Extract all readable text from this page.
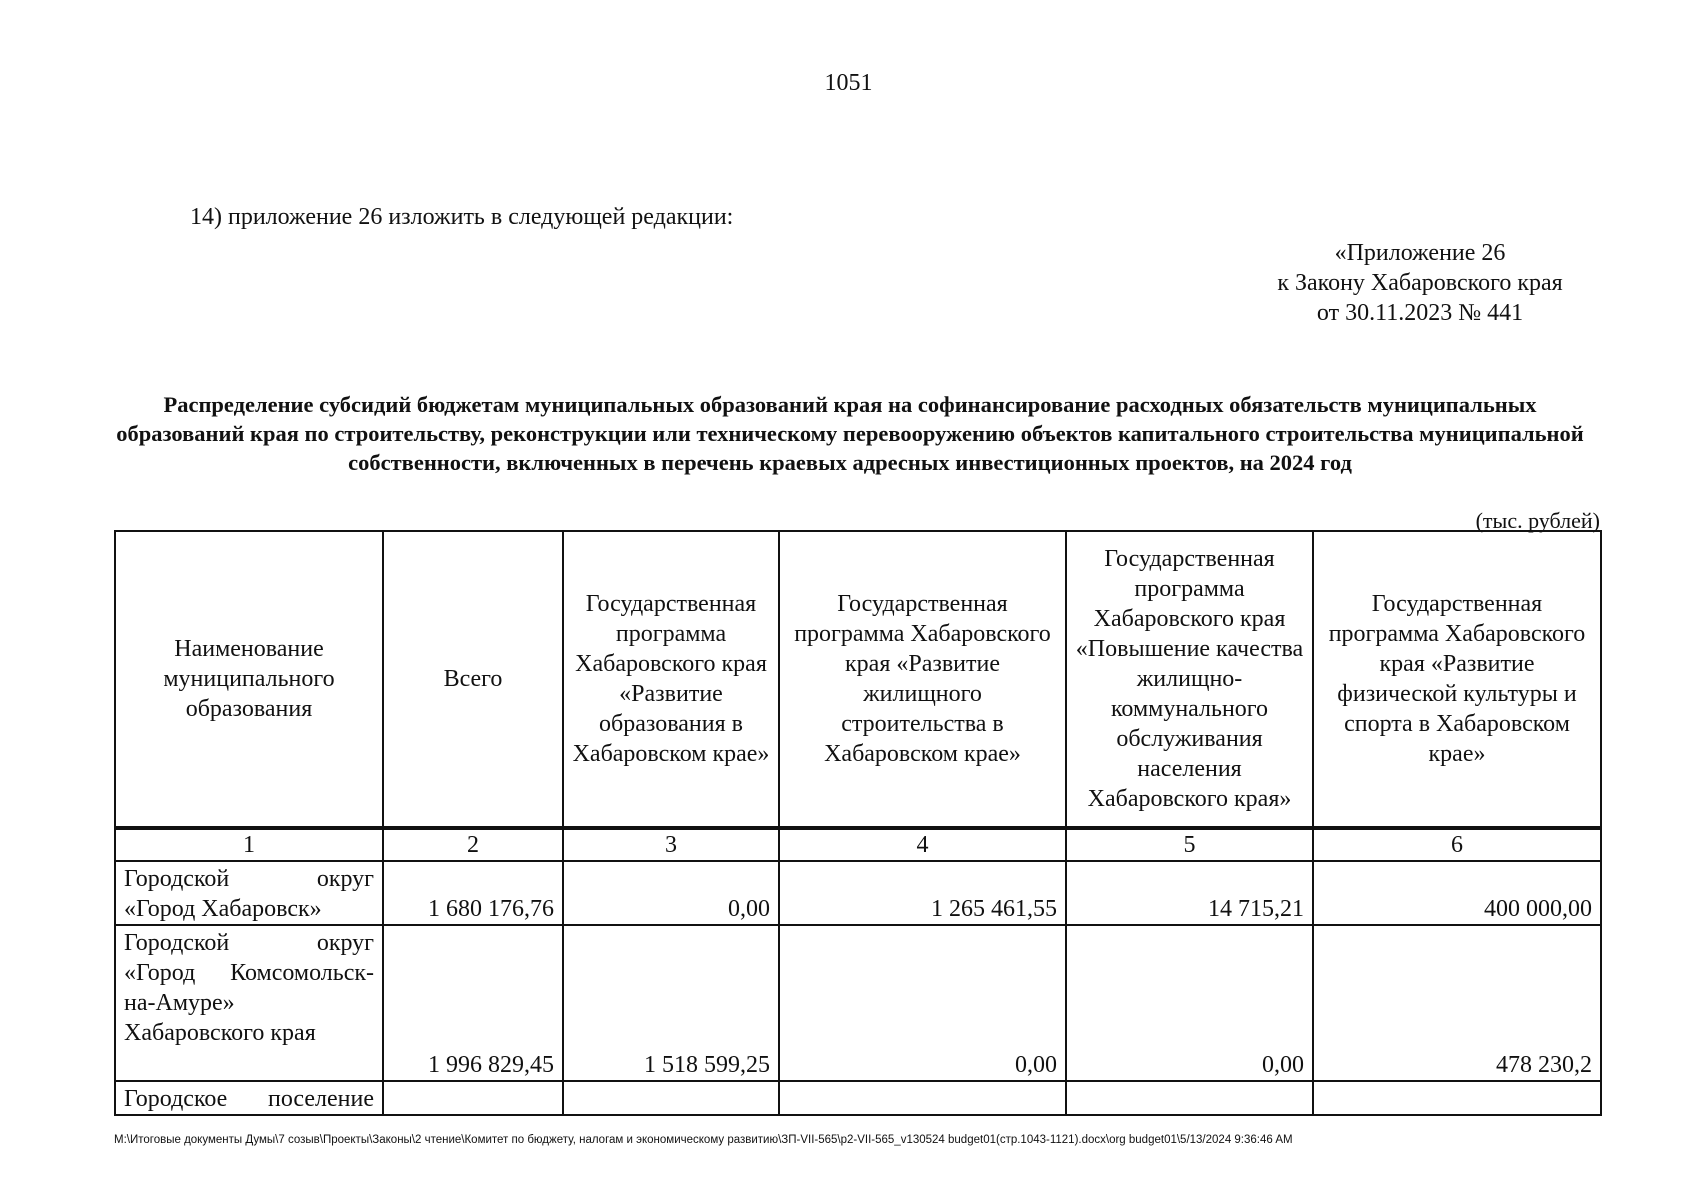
1051
14) приложение 26 изложить в следующей редакции:
«Приложение 26
к Закону Хабаровского края
от 30.11.2023 № 441
Распределение субсидий бюджетам муниципальных образований края на софинансирование расходных обязательств муниципальных образований края по строительству, реконструкции или техническому перевооружению объектов капитального строительства муниципальной собственности, включенных в перечень краевых адресных инвестиционных проектов, на 2024 год
(тыс. рублей)
Наименование муниципального образования	Всего	Государственная программа Хабаровского края «Развитие образования в Хабаровском крае»	Государственная программа Хабаровского края «Развитие жилищного строительства в Хабаровском крае»	Государственная программа Хабаровского края «Повышение качества жилищно-коммунального обслуживания населения Хабаровского края»	Государственная программа Хабаровского края «Развитие физической культуры и спорта в Хабаровском крае»
1	2	3	4	5	6

Городской округ
«Город Хабаровск»	1 680 176,76	0,00	1 265 461,55	14 715,21	400 000,00

Городской округ
«Город Комсомольск-на-Амуре» Хабаровского края	1 996 829,45	1 518 599,25	0,00	0,00	478 230,2

Городское поселение					

M:\Итоговые документы Думы\7 созыв\Проекты\Законы\2 чтение\Комитет по бюджету, налогам и экономическому развитию\ЗП-VII-565\р2-VII-565_v130524 budget01(стр.1043-1121).docx\org budget01\5/13/2024 9:36:46 AM
